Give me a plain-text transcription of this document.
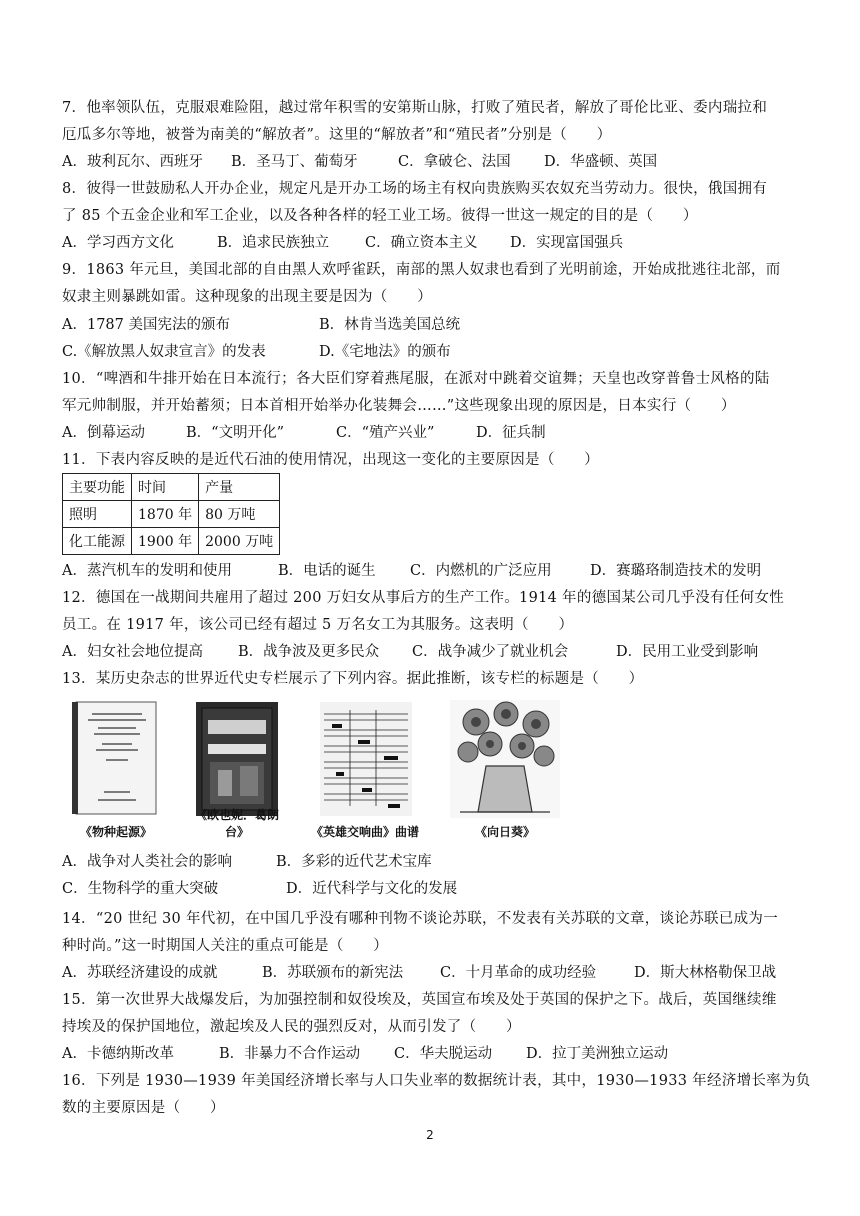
7．他率领队伍，克服艰难险阻，越过常年积雪的安第斯山脉，打败了殖民者，解放了哥伦比亚、委内瑞拉和
厄瓜多尔等地，被誉为南美的“解放者”。这里的“解放者”和“殖民者”分别是（　　）
A．玻利瓦尔、西班牙 B．圣马丁、葡萄牙	C．拿破仑、法国 D．华盛顿、英国
8．彼得一世鼓励私人开办企业，规定凡是开办工场的场主有权向贵族购买农奴充当劳动力。很快，俄国拥有
了 85 个五金企业和军工企业，以及各种各样的轻工业工场。彼得一世这一规定的目的是（　　）
A．学习西方文化	B．追求民族独立 C．确立资本主义 D．实现富国强兵
9．1863 年元旦，美国北部的自由黑人欢呼雀跃，南部的黑人奴隶也看到了光明前途，开始成批逃往北部，而
奴隶主则暴跳如雷。这种现象的出现主要是因为（　　）
A．1787 美国宪法的颁布	B．林肯当选美国总统
C.《解放黑人奴隶宣言》的发表	D.《宅地法》的颁布
10．“啤酒和牛排开始在日本流行；各大臣们穿着燕尾服，在派对中跳着交谊舞；天皇也改穿普鲁士风格的陆
军元帅制服，并开始蓄须；日本首相开始举办化装舞会……”这些现象出现的原因是，日本实行（　　）
A．倒幕运动	B．“文明开化”	C．“殖产兴业”	D．征兵制
11．下表内容反映的是近代石油的使用情况，出现这一变化的主要原因是（　　）
主要功能	时间	产量
照明	1870 年	80 万吨
化工能源	1900 年	2000 万吨
A．蒸汽机车的发明和使用	B．电话的诞生 C．内燃机的广泛应用	D．赛璐珞制造技术的发明
12．德国在一战期间共雇用了超过 200 万妇女从事后方的生产工作。1914 年的德国某公司几乎没有任何女性
员工。在 1917 年，该公司已经有超过 5 万名女工为其服务。这表明（　　）
A．妇女社会地位提高 B．战争波及更多民众 C．战争减少了就业机会	D．民用工业受到影响
13．某历史杂志的世界近代史专栏展示了下列内容。据此推断，该专栏的标题是（　　）
《物种起源》
《欧也妮．葛朗台》	《英雄交响曲》曲谱	《向日葵》
A．战争对人类社会的影响	B．多彩的近代艺术宝库
C．生物科学的重大突破	D．近代科学与文化的发展
14．“20 世纪 30 年代初，在中国几乎没有哪种刊物不谈论苏联，不发表有关苏联的文章，谈论苏联已成为一
种时尚。”这一时期国人关注的重点可能是（　　）
A．苏联经济建设的成就	B．苏联颁布的新宪法	C．十月革命的成功经验	D．斯大林格勒保卫战
15．第一次世界大战爆发后，为加强控制和奴役埃及，英国宣布埃及处于英国的保护之下。战后，英国继续维
持埃及的保护国地位，激起埃及人民的强烈反对，从而引发了（　　）
A．卡德纳斯改革	B．非暴力不合作运动 C．华夫脱运动 D．拉丁美洲独立运动
16．下列是 1930—1939 年美国经济增长率与人口失业率的数据统计表，其中，1930—1933 年经济增长率为负
数的主要原因是（　　）
2
